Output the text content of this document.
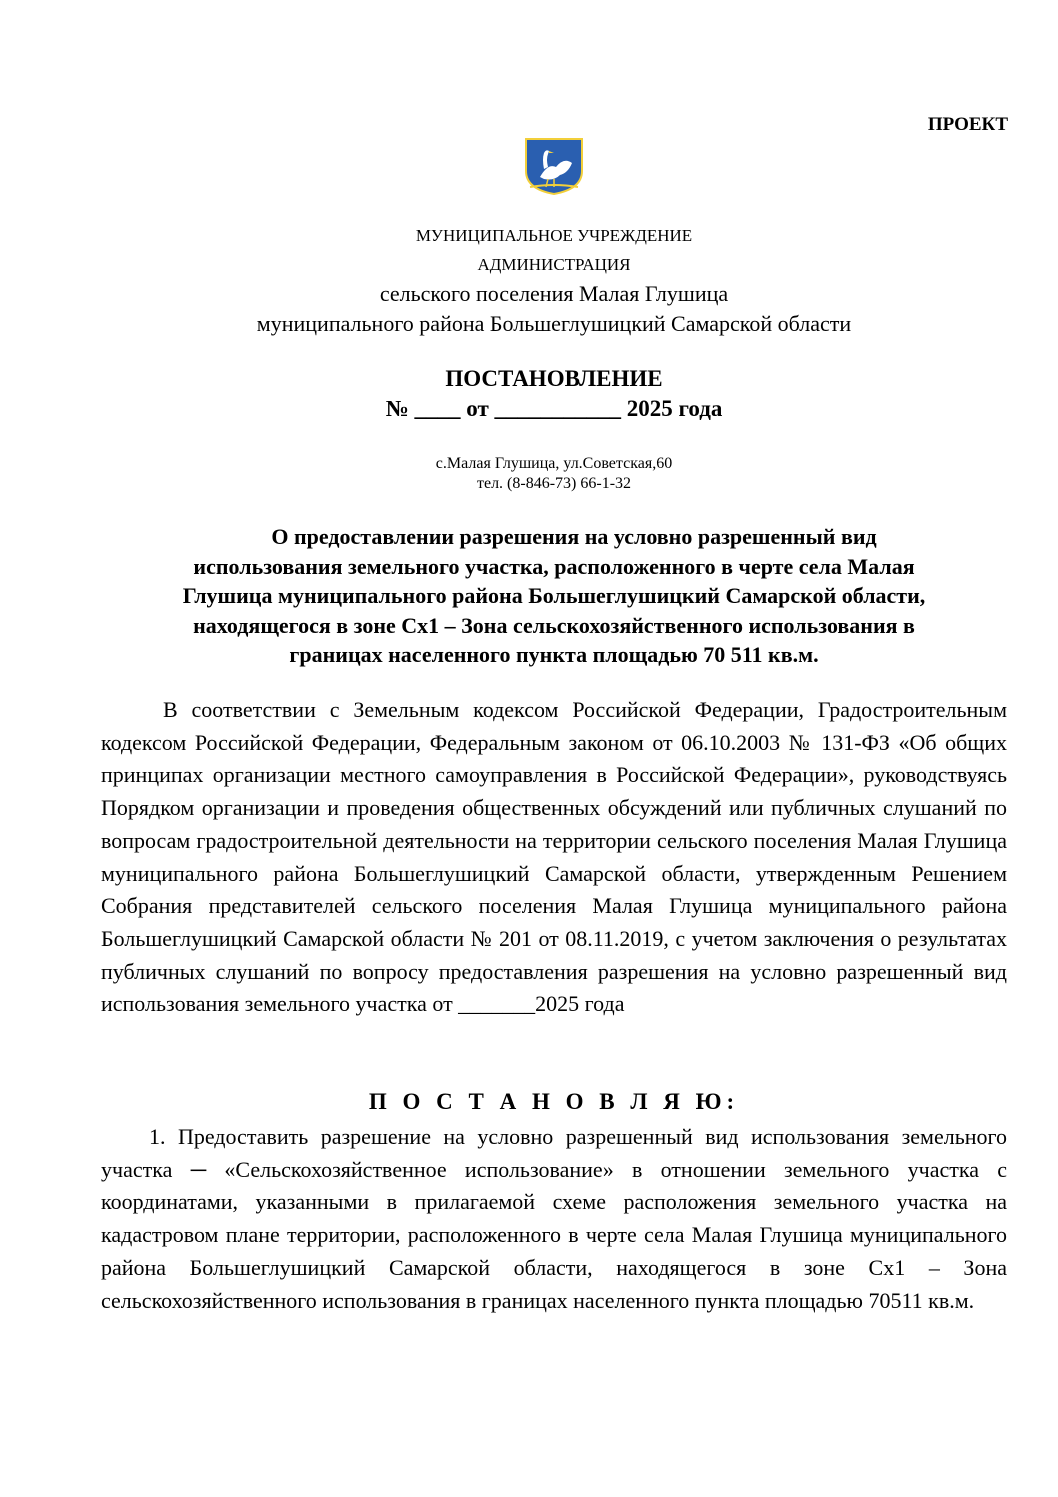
ПРОЕКТ
МУНИЦИПАЛЬНОЕ УЧРЕЖДЕНИЕ
АДМИНИСТРАЦИЯ
сельского поселения Малая Глушица
муниципального района Большеглушицкий Самарской области
ПОСТАНОВЛЕНИЕ
№ ____ от ___________ 2025 года
с.Малая Глушица, ул.Советская,60
тел. (8-846-73) 66-1-32
О предоставлении разрешения на условно разрешенный вид
использования земельного участка, расположенного в черте села Малая
Глушица муниципального района Большеглушицкий Самарской области,
находящегося в зоне Сх1 – Зона сельскохозяйственного использования в
границах населенного пункта площадью 70 511 кв.м.
В соответствии с Земельным кодексом Российской Федерации, Градостроительным кодексом Российской Федерации, Федеральным законом от 06.10.2003 № 131-ФЗ «Об общих принципах организации местного самоуправления в Российской Федерации», руководствуясь Порядком организации и проведения общественных обсуждений или публичных слушаний по вопросам градостроительной деятельности на территории сельского поселения Малая Глушица муниципального района Большеглушицкий Самарской области, утвержденным Решением Собрания представителей сельского поселения Малая Глушица муниципального района Большеглушицкий Самарской области № 201 от 08.11.2019, с учетом заключения о результатах публичных слушаний по вопросу предоставления разрешения на условно разрешенный вид использования земельного участка от _______2025 года
П О С Т А Н О В Л Я Ю:
1. Предоставить разрешение на условно разрешенный вид использования земельного участка ─ «Сельскохозяйственное использование» в отношении земельного участка с координатами, указанными в прилагаемой схеме расположения земельного участка на кадастровом плане территории, расположенного в черте села Малая Глушица муниципального района Большеглушицкий Самарской области, находящегося в зоне Сх1 – Зона сельскохозяйственного использования в границах населенного пункта площадью 70511 кв.м.
